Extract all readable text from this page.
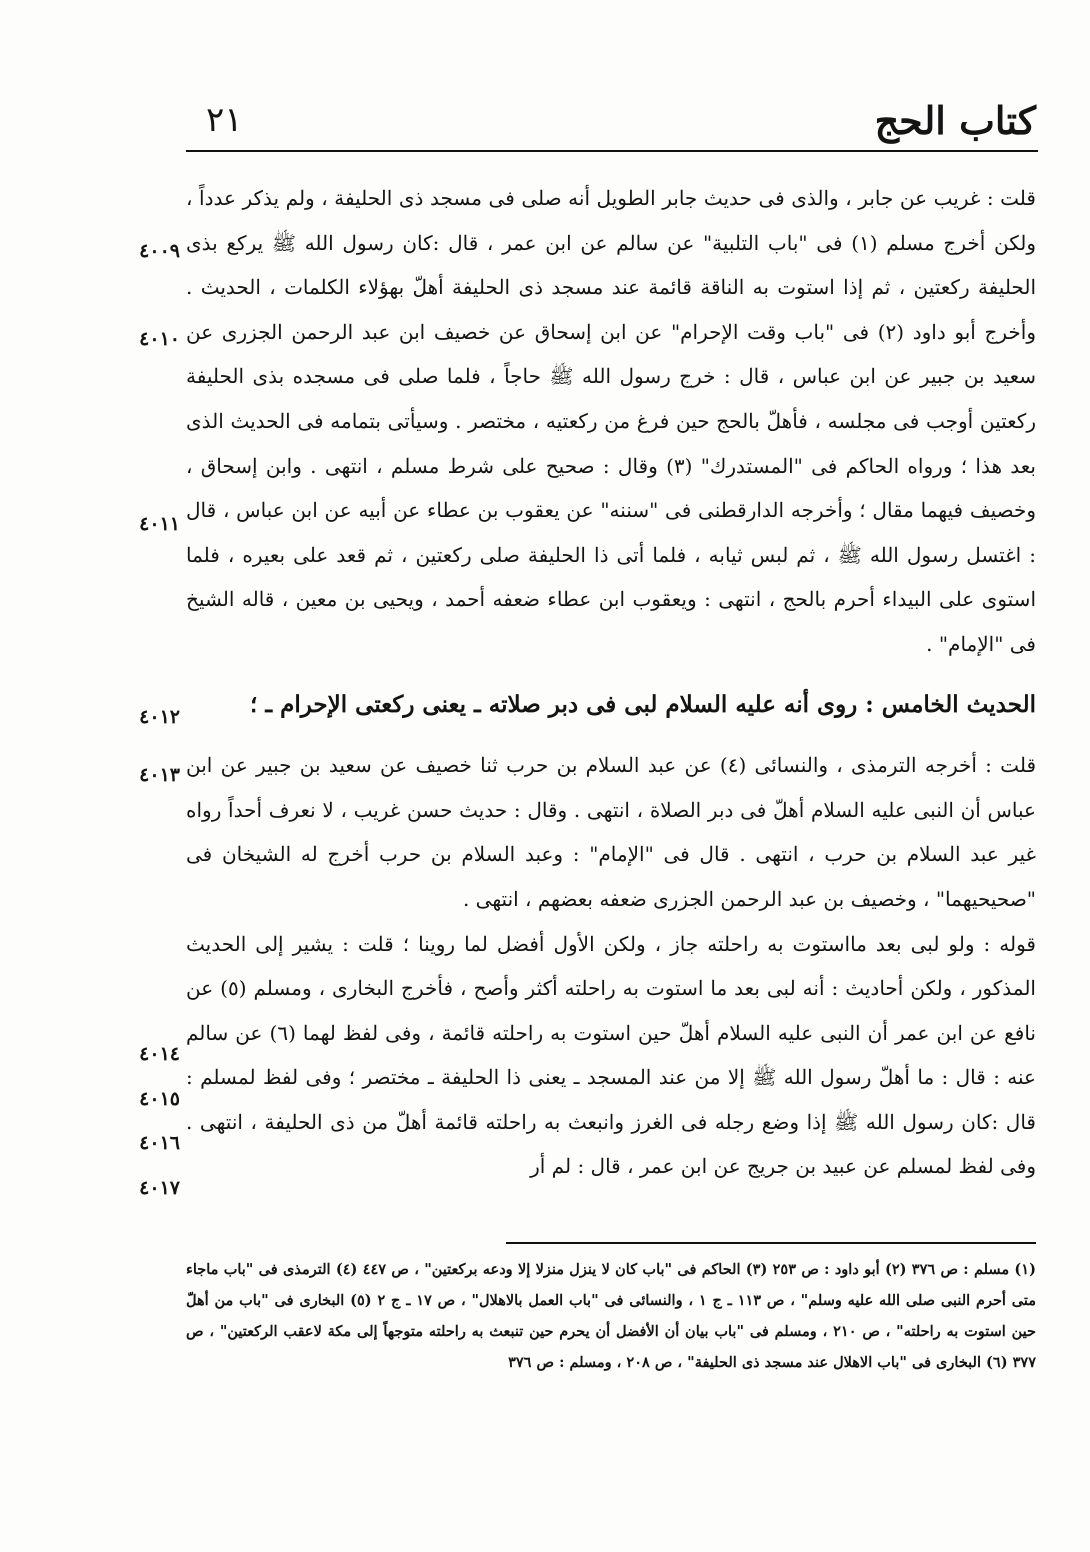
كتاب الحج
٢١

قلت : غريب عن جابر ، والذى فى حديث جابر الطويل أنه صلى فى مسجد ذى الحليفة ، ولم يذكر عدداً ، ولكن أخرج مسلم (١) فى "باب التلبية" عن سالم عن ابن عمر ، قال :كان رسول الله ﷺ يركع بذى الحليفة ركعتين ، ثم إذا استوت به الناقة قائمة عند مسجد ذى الحليفة أهلّ بهؤلاء الكلمات ، الحديث . وأخرج أبو داود (٢) فى "باب وقت الإحرام" عن ابن إسحاق عن خصيف ابن عبد الرحمن الجزرى عن سعيد بن جبير عن ابن عباس ، قال : خرج رسول الله ﷺ حاجاً ، فلما صلى فى مسجده بذى الحليفة ركعتين أوجب فى مجلسه ، فأهلّ بالحج حين فرغ من ركعتيه ، مختصر . وسيأتى بتمامه فى الحديث الذى بعد هذا ؛ ورواه الحاكم فى "المستدرك" (٣) وقال : صحيح على شرط مسلم ، انتهى . وابن إسحاق ، وخصيف فيهما مقال ؛ وأخرجه الدارقطنى فى "سننه" عن يعقوب بن عطاء عن أبيه عن ابن عباس ، قال : اغتسل رسول الله ﷺ ، ثم لبس ثيابه ، فلما أتى ذا الحليفة صلى ركعتين ، ثم قعد على بعيره ، فلما استوى على البيداء أحرم بالحج ، انتهى : ويعقوب ابن عطاء ضعفه أحمد ، ويحيى بن معين ، قاله الشيخ فى "الإمام" .

الحديث الخامس : روى أنه عليه السلام لبى فى دبر صلاته ـ يعنى ركعتى الإحرام ـ ؛

قلت : أخرجه الترمذى ، والنسائى (٤) عن عبد السلام بن حرب ثنا خصيف عن سعيد بن جبير عن ابن عباس أن النبى عليه السلام أهلّ فى دبر الصلاة ، انتهى . وقال : حديث حسن غريب ، لا نعرف أحداً رواه غير عبد السلام بن حرب ، انتهى . قال فى "الإمام" : وعبد السلام بن حرب أخرج له الشيخان فى "صحيحيهما" ، وخصيف بن عبد الرحمن الجزرى ضعفه بعضهم ، انتهى .

قوله : ولو لبى بعد مااستوت به راحلته جاز ، ولكن الأول أفضل لما روينا ؛ قلت : يشير إلى الحديث المذكور ، ولكن أحاديث : أنه لبى بعد ما استوت به راحلته أكثر وأصح ، فأخرج البخارى ، ومسلم (٥) عن نافع عن ابن عمر أن النبى عليه السلام أهلّ حين استوت به راحلته قائمة ، وفى لفظ لهما (٦) عن سالم عنه : قال : ما أهلّ رسول الله ﷺ إلا من عند المسجد ـ يعنى ذا الحليفة ـ مختصر ؛ وفى لفظ لمسلم : قال :كان رسول الله ﷺ إذا وضع رجله فى الغرز وانبعث به راحلته قائمة أهلّ من ذى الحليفة ، انتهى . وفى لفظ لمسلم عن عبيد بن جريج عن ابن عمر ، قال : لم أر

٤٠٠٩
٤٠١٠
٤٠١١
٤٠١٢
٤٠١٣
٤٠١٤
٤٠١٥
٤٠١٦
٤٠١٧

(١) مسلم : ص ٣٧٦ (٢) أبو داود : ص ٢٥٣ (٣) الحاكم فى "باب كان لا ينزل منزلا إلا ودعه بركعتين" ، ص ٤٤٧ (٤) الترمذى فى "باب ماجاء متى أحرم النبى صلى الله عليه وسلم" ، ص ١١٣ ـ ج ١ ، والنسائى فى "باب العمل بالاهلال" ، ص ١٧ ـ ج ٢ (٥) البخارى فى "باب من أهلّ حين استوت به راحلته" ، ص ٢١٠ ، ومسلم فى "باب بيان أن الأفضل أن يحرم حين تنبعث به راحلته متوجهاً إلى مكة لاعقب الركعتين" ، ص ٣٧٧ (٦) البخارى فى "باب الاهلال عند مسجد ذى الحليفة" ، ص ٢٠٨ ، ومسلم : ص ٣٧٦
